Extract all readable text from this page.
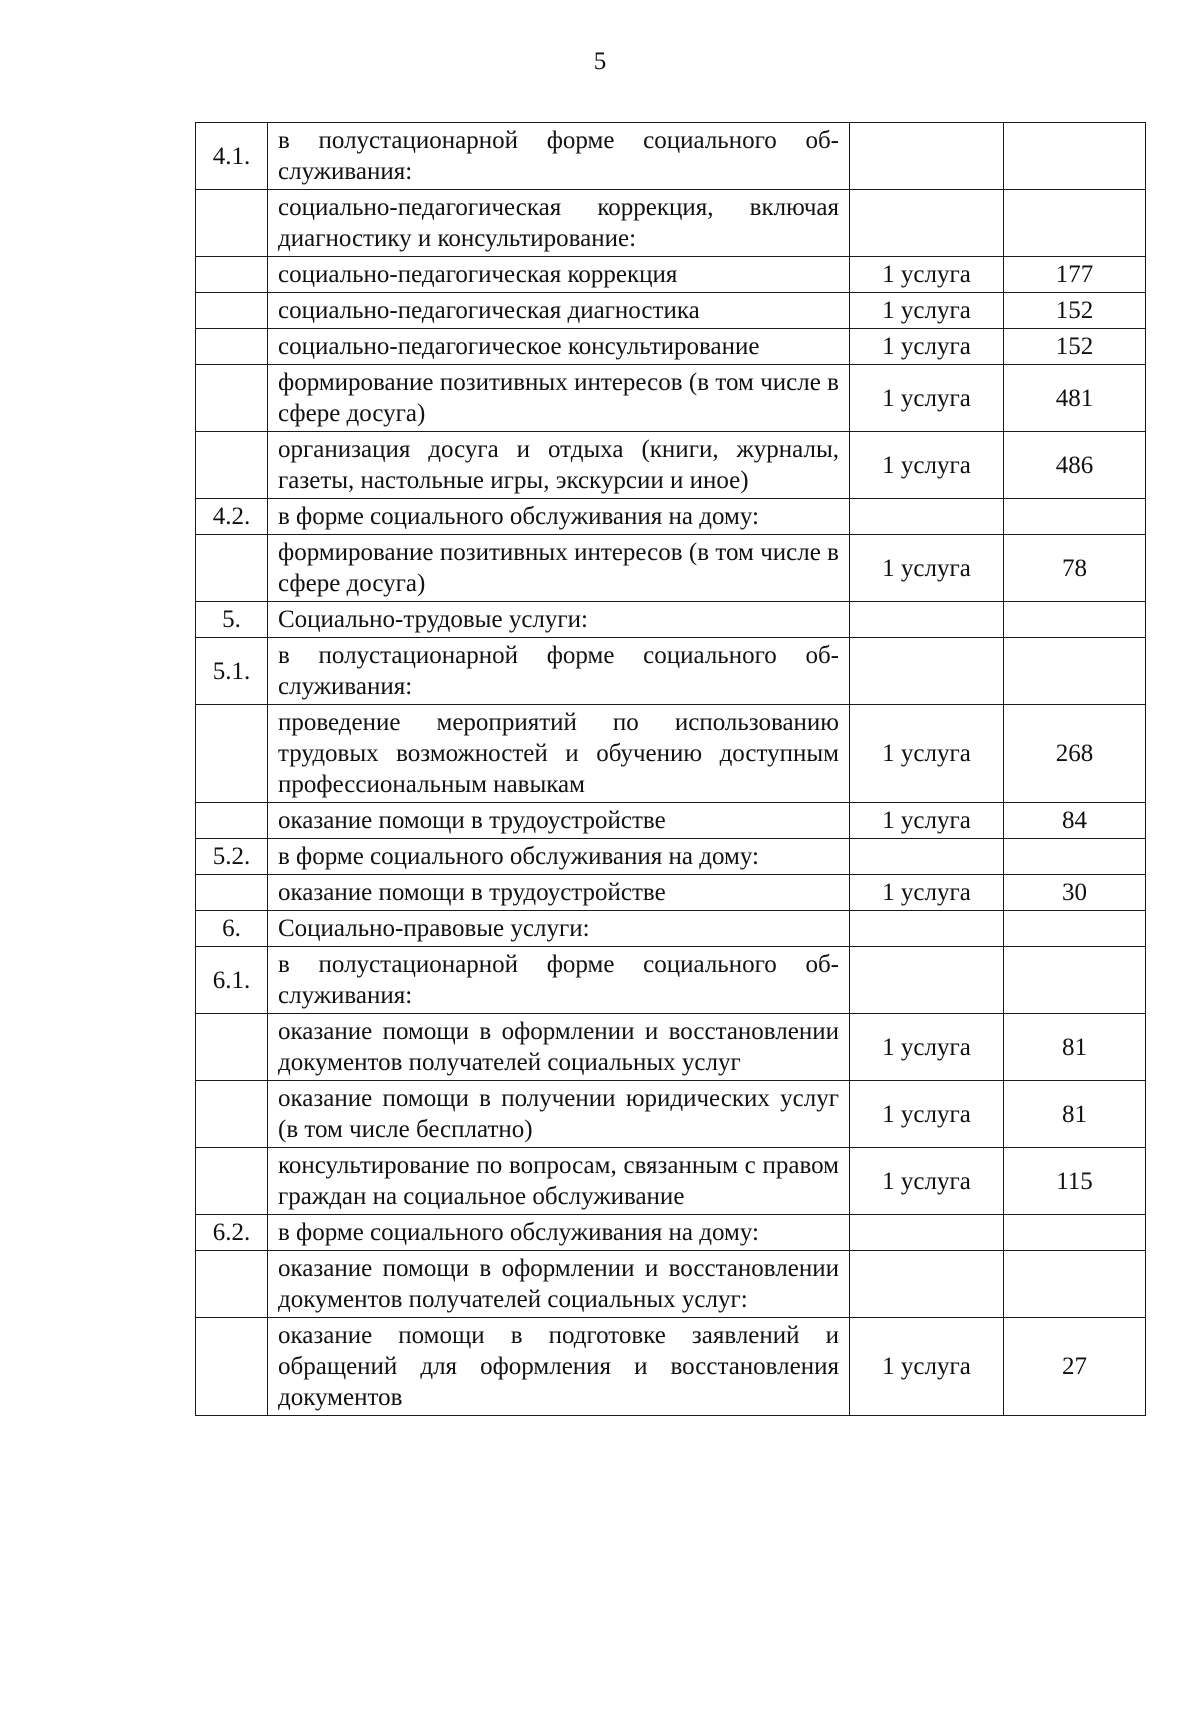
5
4.1.	в полустационарной форме социального обслуживания:		
	социально-педагогическая коррекция, включая диагностику и консультирование:		
	социально-педагогическая коррекция	1 услуга	177
	социально-педагогическая диагностика	1 услуга	152
	социально-педагогическое консультирование	1 услуга	152
	формирование позитивных интересов (в том числе в сфере досуга)	1 услуга	481
	организация досуга и отдыха (книги, журналы, газеты, настольные игры, экскурсии и иное)	1 услуга	486
4.2.	в форме социального обслуживания на дому:		
	формирование позитивных интересов (в том числе в сфере досуга)	1 услуга	78
5.	Социально-трудовые услуги:		
5.1.	в полустационарной форме социального обслуживания:		
	проведение мероприятий по использованию трудовых возможностей и обучению доступным профессиональным навыкам	1 услуга	268
	оказание помощи в трудоустройстве	1 услуга	84
5.2.	в форме социального обслуживания на дому:		
	оказание помощи в трудоустройстве	1 услуга	30
6.	Социально-правовые услуги:		
6.1.	в полустационарной форме социального обслуживания:		
	оказание помощи в оформлении и восстановлении документов получателей социальных услуг	1 услуга	81
	оказание помощи в получении юридических услуг (в том числе бесплатно)	1 услуга	81
	консультирование по вопросам, связанным с правом граждан на социальное обслуживание	1 услуга	115
6.2.	в форме социального обслуживания на дому:		
	оказание помощи в оформлении и восстановлении документов получателей социальных услуг:		
	оказание помощи в подготовке заявлений и обращений для оформления и восстановления документов	1 услуга	27
